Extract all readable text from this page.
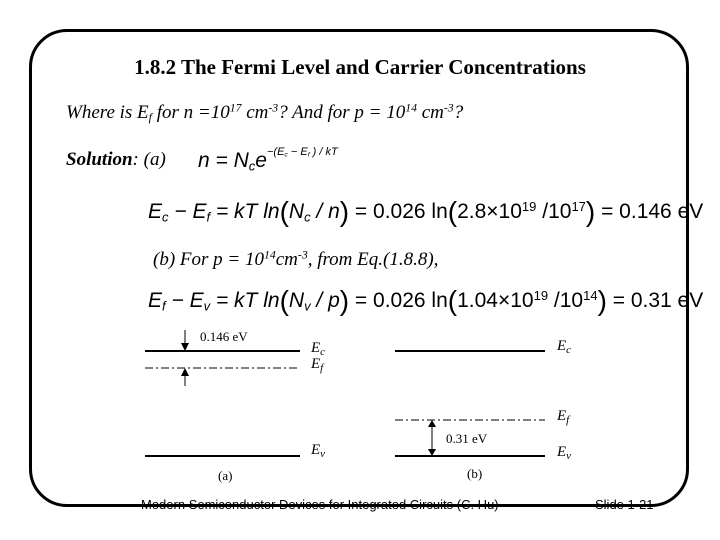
1.8.2 The Fermi Level and Carrier Concentrations
Where is $E_f$ for $n =10^{17}$ $cm^{-3}$? And for $p = 10^{14}$ $cm^{-3}$?
Solution: (a) $n = N_ce^{-(E_c - E_f ) / kT}$
$E_c - E_f$ = kT $\ln(N_c / n) = 0.026$ $\ln(2.8\times 10^{19}$ $/10^{17}) = 0.146$ eV
(b) For $p = 10^{14}cm^{-3}$, from Eq.(1.8.8),
$E_f - E_v$ = kT $\ln(N_v / p) = 0.026$ $\ln(1.04\times 10^{19}$ $/10^{14}) = 0.31$ eV
0.146 eV
$E_c$
$E_f$
$E_v$
(a)
$E_c$
$E_f$
0.31 eV
$E_v$
(b)
Modern Semiconductor Devices for Integrated Circuits (C. Hu)	Slide 1-21
